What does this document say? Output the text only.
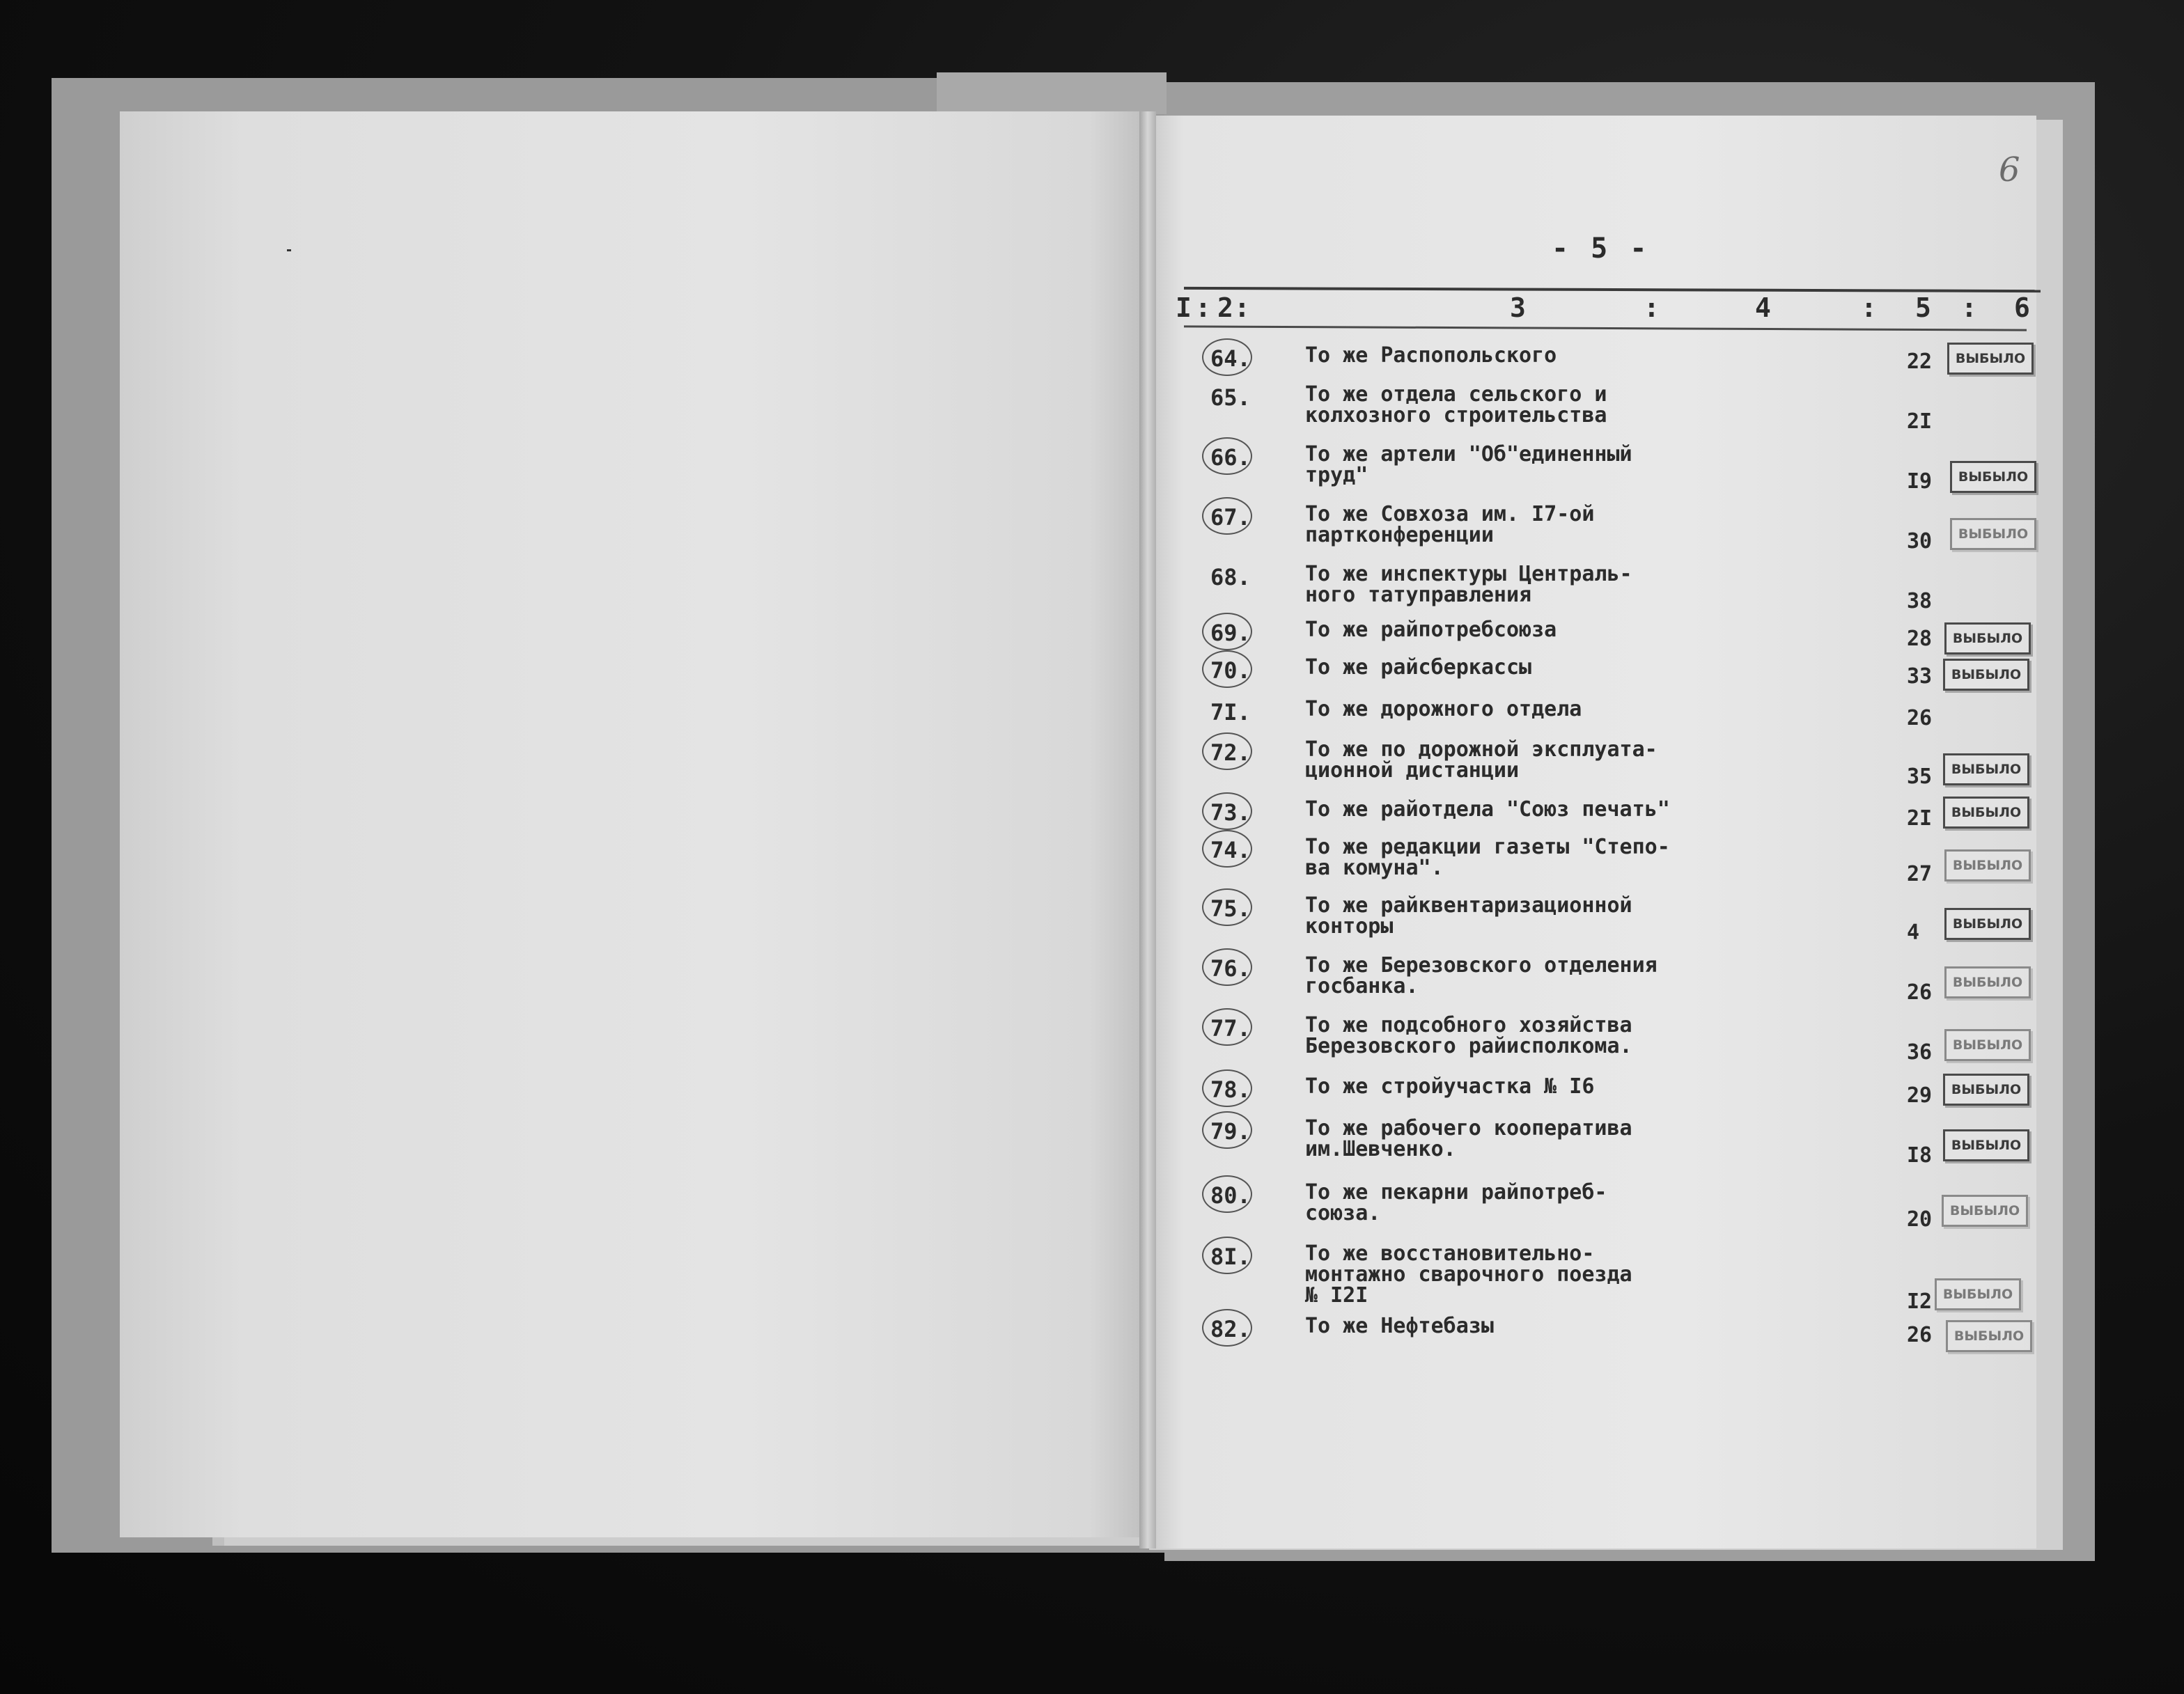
6
- 5 -
I : 2 :	3	:	4	: 5 : 6
64.	То же Распопольского	22	ВЫБЫЛО
65.	То же отдела сельского и
колхозного строительства	2I
66.	То же артели "Об"единенный
труд"	I9	ВЫБЫЛО
67.	То же Совхоза им. I7-ой
партконференции	30	ВЫБЫЛО
68.	То же инспектуры Централь-
ного татуправления	38
69.	То же райпотребсоюза	28	ВЫБЫЛО
70.	То же райсберкассы	33	ВЫБЫЛО
7I.	То же дорожного отдела	26
72.	То же по дорожной эксплуата-
ционной дистанции	35	ВЫБЫЛО
73.	То же райотдела "Союз печать"	2I	ВЫБЫЛО
74.	То же редакции газеты "Степо-
ва комуна".	27	ВЫБЫЛО
75.	То же райквентаризационной
конторы	4	ВЫБЫЛО
76.	То же Березовского отделения
госбанка.	26	ВЫБЫЛО
77.	То же подсобного хозяйства
Березовского райисполкома.	36	ВЫБЫЛО
78.	То же стройучастка № I6	29	ВЫБЫЛО
79.	То же рабочего кооператива
им.Шевченко.	I8	ВЫБЫЛО
80.	То же пекарни райпотреб-
союза.	20	ВЫБЫЛО
8I.	То же восстановительно-
монтажно сварочного поезда
№ I2I	I2 ВЫБЫЛО
82.	То же Нефтебазы	26	ВЫБЫЛО
